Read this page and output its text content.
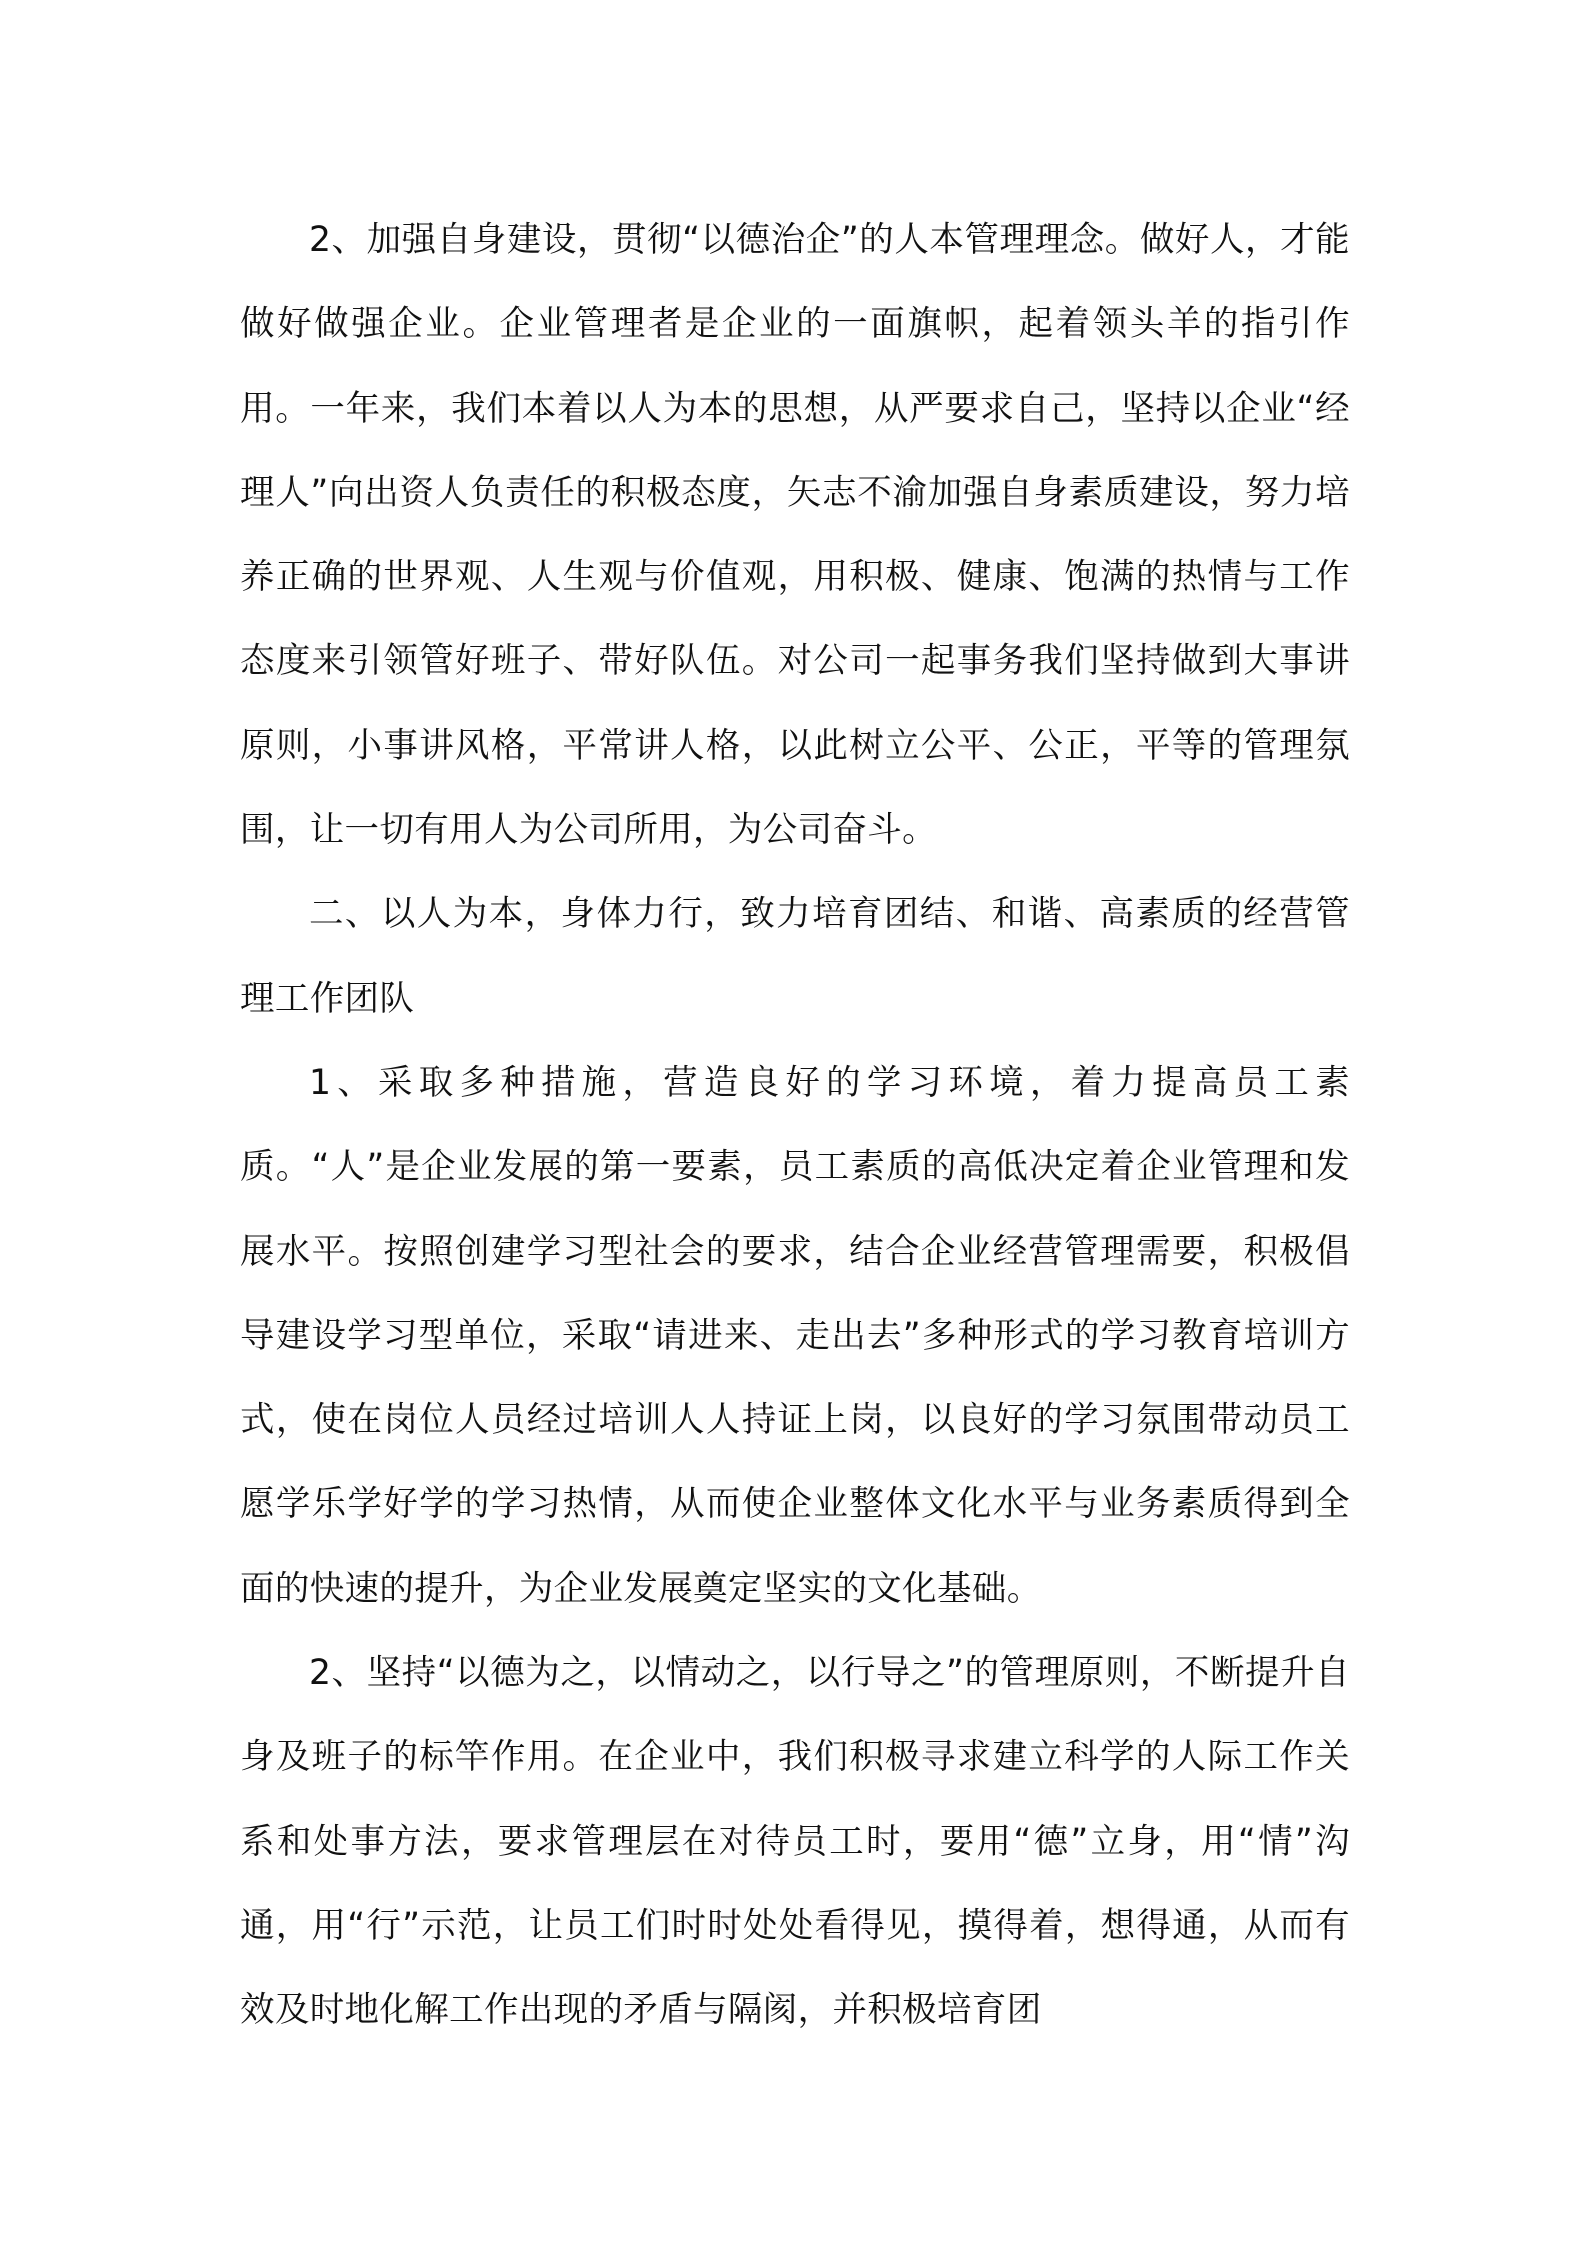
2、加强自身建设，贯彻“以德治企”的人本管理理念。做好人，才能做好做强企业。企业管理者是企业的一面旗帜，起着领头羊的指引作用。一年来，我们本着以人为本的思想，从严要求自己，坚持以企业“经理人”向出资人负责任的积极态度，矢志不渝加强自身素质建设，努力培养正确的世界观、人生观与价值观，用积极、健康、饱满的热情与工作态度来引领管好班子、带好队伍。对公司一起事务我们坚持做到大事讲原则，小事讲风格，平常讲人格，以此树立公平、公正，平等的管理氛围，让一切有用人为公司所用，为公司奋斗。

二、以人为本，身体力行，致力培育团结、和谐、高素质的经营管理工作团队

1、采取多种措施，营造良好的学习环境，着力提高员工素质。“人”是企业发展的第一要素，员工素质的高低决定着企业管理和发展水平。按照创建学习型社会的要求，结合企业经营管理需要，积极倡导建设学习型单位，采取“请进来、走出去”多种形式的学习教育培训方式，使在岗位人员经过培训人人持证上岗，以良好的学习氛围带动员工愿学乐学好学的学习热情，从而使企业整体文化水平与业务素质得到全面的快速的提升，为企业发展奠定坚实的文化基础。

2、坚持“以德为之，以情动之，以行导之”的管理原则，不断提升自身及班子的标竿作用。在企业中，我们积极寻求建立科学的人际工作关系和处事方法，要求管理层在对待员工时，要用“德”立身，用“情”沟通，用“行”示范，让员工们时时处处看得见，摸得着，想得通，从而有效及时地化解工作出现的矛盾与隔阂，并积极培育团
